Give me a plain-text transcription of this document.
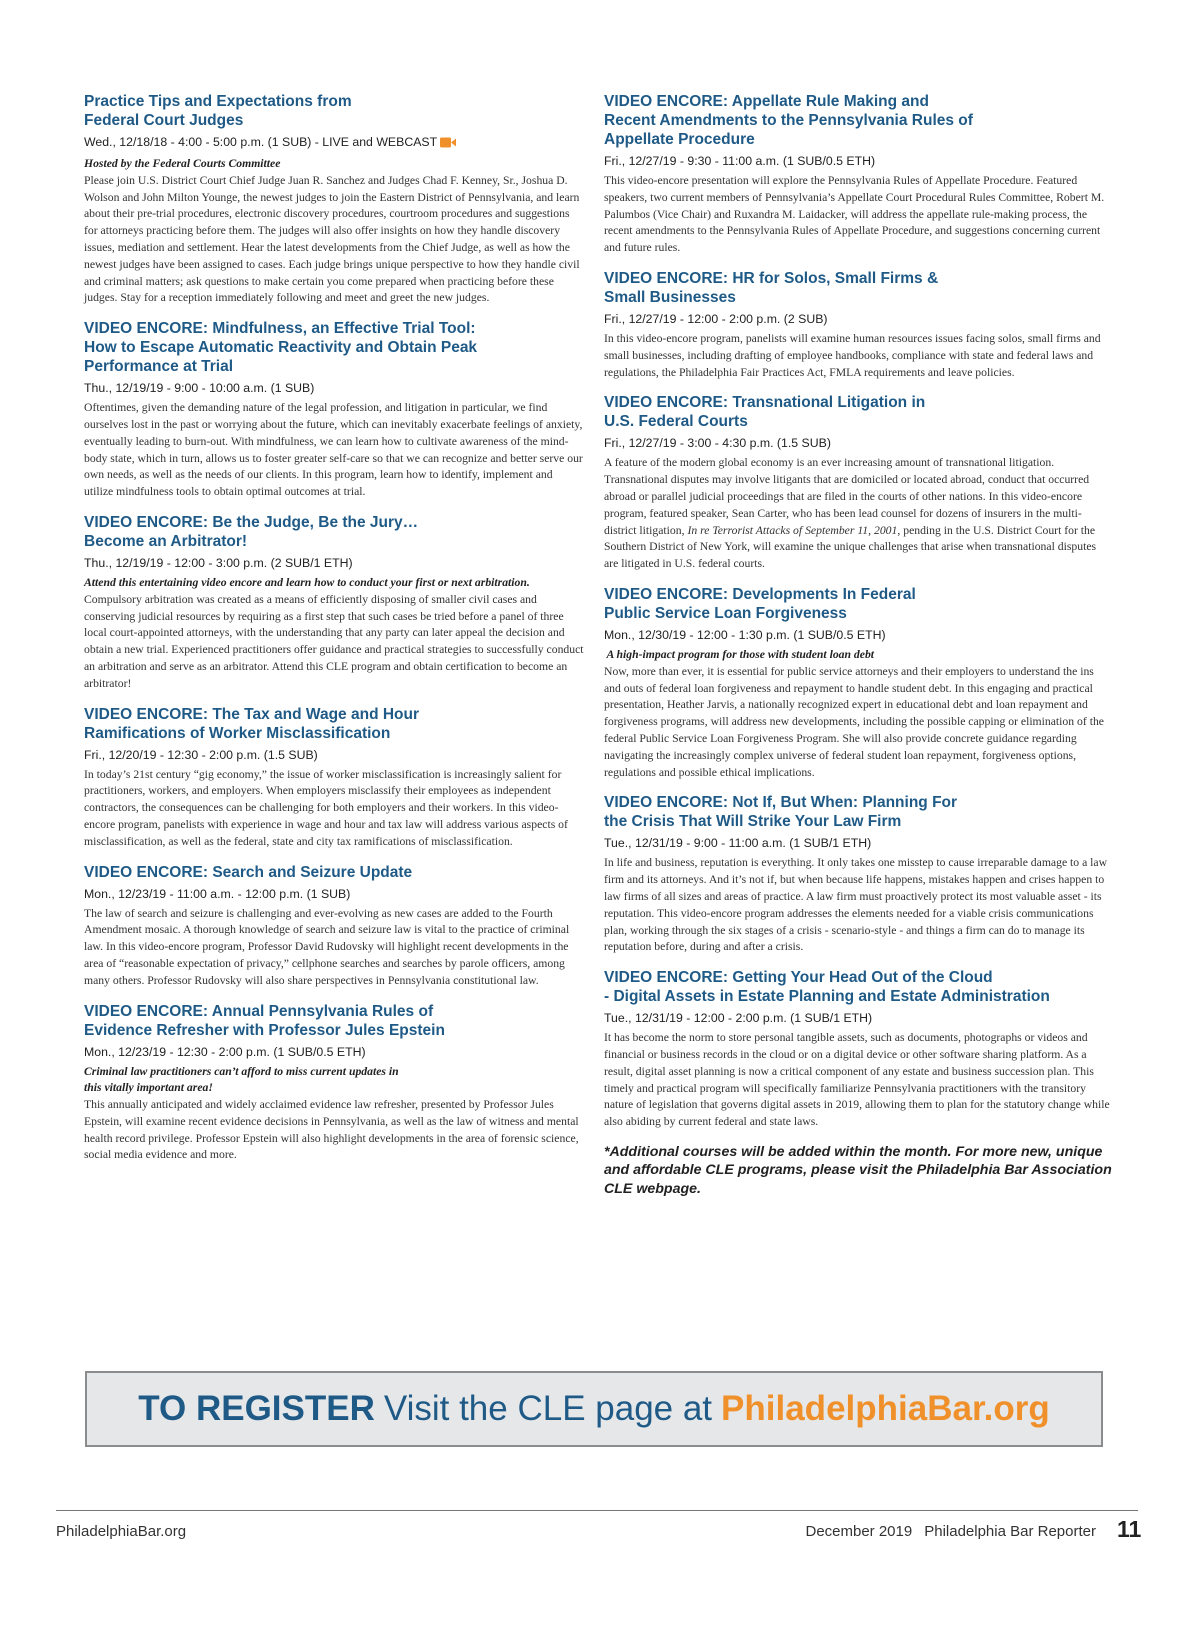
Practice Tips and Expectations from
Federal Court Judges
Wed., 12/18/18 - 4:00 - 5:00 p.m. (1 SUB) - LIVE and WEBCAST

Hosted by the Federal Courts Committee

Please join U.S. District Court Chief Judge Juan R. Sanchez and Judges Chad F. Kenney, Sr., Joshua D. Wolson and John Milton Younge, the newest judges to join the Eastern District of Pennsylvania, and learn about their pre-trial procedures, electronic discovery procedures, courtroom procedures and suggestions for attorneys practicing before them. The judges will also offer insights on how they handle discovery issues, mediation and settlement. Hear the latest developments from the Chief Judge, as well as how the newest judges have been assigned to cases. Each judge brings unique perspective to how they handle civil and criminal matters; ask questions to make certain you come prepared when practicing before these judges. Stay for a reception immediately following and meet and greet the new judges.

VIDEO ENCORE: Mindfulness, an Effective Trial Tool:
How to Escape Automatic Reactivity and Obtain Peak
Performance at Trial
Thu., 12/19/19 - 9:00 - 10:00 a.m. (1 SUB)

Oftentimes, given the demanding nature of the legal profession, and litigation in particular, we find ourselves lost in the past or worrying about the future, which can inevitably exacerbate feelings of anxiety, eventually leading to burn-out. With mindfulness, we can learn how to cultivate awareness of the mind-body state, which in turn, allows us to foster greater self-care so that we can recognize and better serve our own needs, as well as the needs of our clients. In this program, learn how to identify, implement and utilize mindfulness tools to obtain optimal outcomes at trial.

VIDEO ENCORE: Be the Judge, Be the Jury…
Become an Arbitrator!
Thu., 12/19/19 - 12:00 - 3:00 p.m. (2 SUB/1 ETH)

Attend this entertaining video encore and learn how to conduct your first or next arbitration.

Compulsory arbitration was created as a means of efficiently disposing of smaller civil cases and conserving judicial resources by requiring as a first step that such cases be tried before a panel of three local court-appointed attorneys, with the understanding that any party can later appeal the decision and obtain a new trial. Experienced practitioners offer guidance and practical strategies to successfully conduct an arbitration and serve as an arbitrator. Attend this CLE program and obtain certification to become an arbitrator!

VIDEO ENCORE: The Tax and Wage and Hour
Ramifications of Worker Misclassification
Fri., 12/20/19 - 12:30 - 2:00 p.m. (1.5 SUB)

In today’s 21st century “gig economy,” the issue of worker misclassification is increasingly salient for practitioners, workers, and employers. When employers misclassify their employees as independent contractors, the consequences can be challenging for both employers and their workers. In this video-encore program, panelists with experience in wage and hour and tax law will address various aspects of misclassification, as well as the federal, state and city tax ramifications of misclassification.

VIDEO ENCORE: Search and Seizure Update
Mon., 12/23/19 - 11:00 a.m. - 12:00 p.m. (1 SUB)

The law of search and seizure is challenging and ever-evolving as new cases are added to the Fourth Amendment mosaic. A thorough knowledge of search and seizure law is vital to the practice of criminal law. In this video-encore program, Professor David Rudovsky will highlight recent developments in the area of “reasonable expectation of privacy,” cellphone searches and searches by parole officers, among many others. Professor Rudovsky will also share perspectives in Pennsylvania constitutional law.

VIDEO ENCORE: Annual Pennsylvania Rules of
Evidence Refresher with Professor Jules Epstein
Mon., 12/23/19 - 12:30 - 2:00 p.m. (1 SUB/0.5 ETH)

Criminal law practitioners can’t afford to miss current updates in
this vitally important area!

This annually anticipated and widely acclaimed evidence law refresher, presented by Professor Jules Epstein, will examine recent evidence decisions in Pennsylvania, as well as the law of witness and mental health record privilege. Professor Epstein will also highlight developments in the area of forensic science, social media evidence and more.

VIDEO ENCORE: Appellate Rule Making and
Recent Amendments to the Pennsylvania Rules of
Appellate Procedure
Fri., 12/27/19 - 9:30 - 11:00 a.m. (1 SUB/0.5 ETH)

This video-encore presentation will explore the Pennsylvania Rules of Appellate Procedure. Featured speakers, two current members of Pennsylvania’s Appellate Court Procedural Rules Committee, Robert M. Palumbos (Vice Chair) and Ruxandra M. Laidacker, will address the appellate rule-making process, the recent amendments to the Pennsylvania Rules of Appellate Procedure, and suggestions concerning current and future rules.

VIDEO ENCORE: HR for Solos, Small Firms &
Small Businesses
Fri., 12/27/19 - 12:00 - 2:00 p.m. (2 SUB)

In this video-encore program, panelists will examine human resources issues facing solos, small firms and small businesses, including drafting of employee handbooks, compliance with state and federal laws and regulations, the Philadelphia Fair Practices Act, FMLA requirements and leave policies.

VIDEO ENCORE: Transnational Litigation in
U.S. Federal Courts
Fri., 12/27/19 - 3:00 - 4:30 p.m. (1.5 SUB)

A feature of the modern global economy is an ever increasing amount of transnational litigation. Transnational disputes may involve litigants that are domiciled or located abroad, conduct that occurred abroad or parallel judicial proceedings that are filed in the courts of other nations. In this video-encore program, featured speaker, Sean Carter, who has been lead counsel for dozens of insurers in the multi-district litigation, In re Terrorist Attacks of September 11, 2001, pending in the U.S. District Court for the Southern District of New York, will examine the unique challenges that arise when transnational disputes are litigated in U.S. federal courts.

VIDEO ENCORE: Developments In Federal
Public Service Loan Forgiveness
Mon., 12/30/19 - 12:00 - 1:30 p.m. (1 SUB/0.5 ETH)

A high-impact program for those with student loan debt

Now, more than ever, it is essential for public service attorneys and their employers to understand the ins and outs of federal loan forgiveness and repayment to handle student debt. In this engaging and practical presentation, Heather Jarvis, a nationally recognized expert in educational debt and loan repayment and forgiveness programs, will address new developments, including the possible capping or elimination of the federal Public Service Loan Forgiveness Program. She will also provide concrete guidance regarding navigating the increasingly complex universe of federal student loan repayment, forgiveness options, regulations and possible ethical implications.

VIDEO ENCORE: Not If, But When: Planning For
the Crisis That Will Strike Your Law Firm
Tue., 12/31/19 - 9:00 - 11:00 a.m. (1 SUB/1 ETH)

In life and business, reputation is everything. It only takes one misstep to cause irreparable damage to a law firm and its attorneys. And it’s not if, but when because life happens, mistakes happen and crises happen to law firms of all sizes and areas of practice. A law firm must proactively protect its most valuable asset - its reputation. This video-encore program addresses the elements needed for a viable crisis communications plan, working through the six stages of a crisis - scenario-style - and things a firm can do to manage its reputation before, during and after a crisis.

VIDEO ENCORE: Getting Your Head Out of the Cloud
- Digital Assets in Estate Planning and Estate Administration
Tue., 12/31/19 - 12:00 - 2:00 p.m. (1 SUB/1 ETH)

It has become the norm to store personal tangible assets, such as documents, photographs or videos and financial or business records in the cloud or on a digital device or other software sharing platform. As a result, digital asset planning is now a critical component of any estate and business succession plan. This timely and practical program will specifically familiarize Pennsylvania practitioners with the transitory nature of legislation that governs digital assets in 2019, allowing them to plan for the statutory change while also abiding by current federal and state laws.

*Additional courses will be added within the month. For more new, unique and affordable CLE programs, please visit the Philadelphia Bar Association CLE webpage.

TO REGISTER Visit the CLE page at PhiladelphiaBar.org
PhiladelphiaBar.org	December 2019 Philadelphia Bar Reporter 11
